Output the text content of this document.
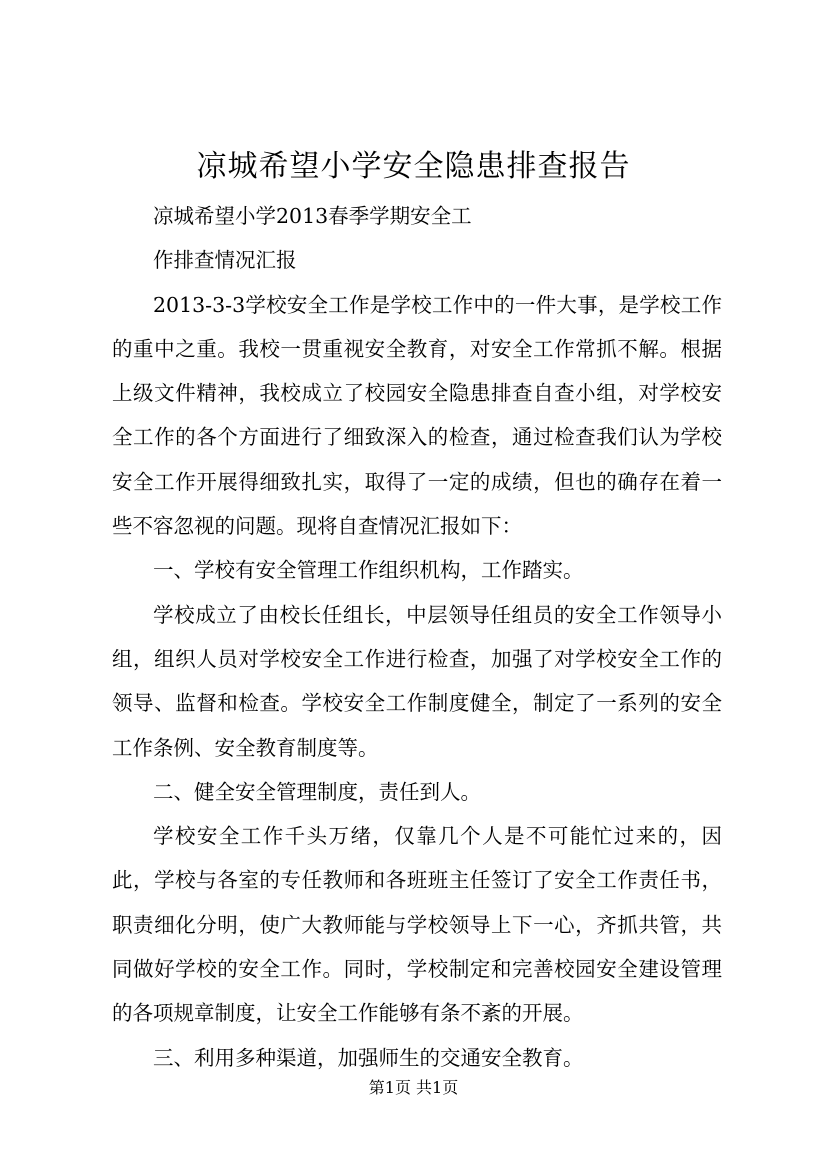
凉城希望小学安全隐患排查报告

凉城希望小学2013春季学期安全工

作排查情况汇报

2013-3-3学校安全工作是学校工作中的一件大事，是学校工作的重中之重。我校一贯重视安全教育，对安全工作常抓不解。根据上级文件精神，我校成立了校园安全隐患排查自查小组，对学校安全工作的各个方面进行了细致深入的检查，通过检查我们认为学校安全工作开展得细致扎实，取得了一定的成绩，但也的确存在着一些不容忽视的问题。现将自查情况汇报如下：

一、学校有安全管理工作组织机构，工作踏实。

学校成立了由校长任组长，中层领导任组员的安全工作领导小组，组织人员对学校安全工作进行检查，加强了对学校安全工作的领导、监督和检查。学校安全工作制度健全，制定了一系列的安全工作条例、安全教育制度等。

二、健全安全管理制度，责任到人。

学校安全工作千头万绪，仅靠几个人是不可能忙过来的，因此，学校与各室的专任教师和各班班主任签订了安全工作责任书，职责细化分明，使广大教师能与学校领导上下一心，齐抓共管，共同做好学校的安全工作。同时，学校制定和完善校园安全建设管理的各项规章制度，让安全工作能够有条不紊的开展。

三、利用多种渠道，加强师生的交通安全教育。

第1页 共1页
